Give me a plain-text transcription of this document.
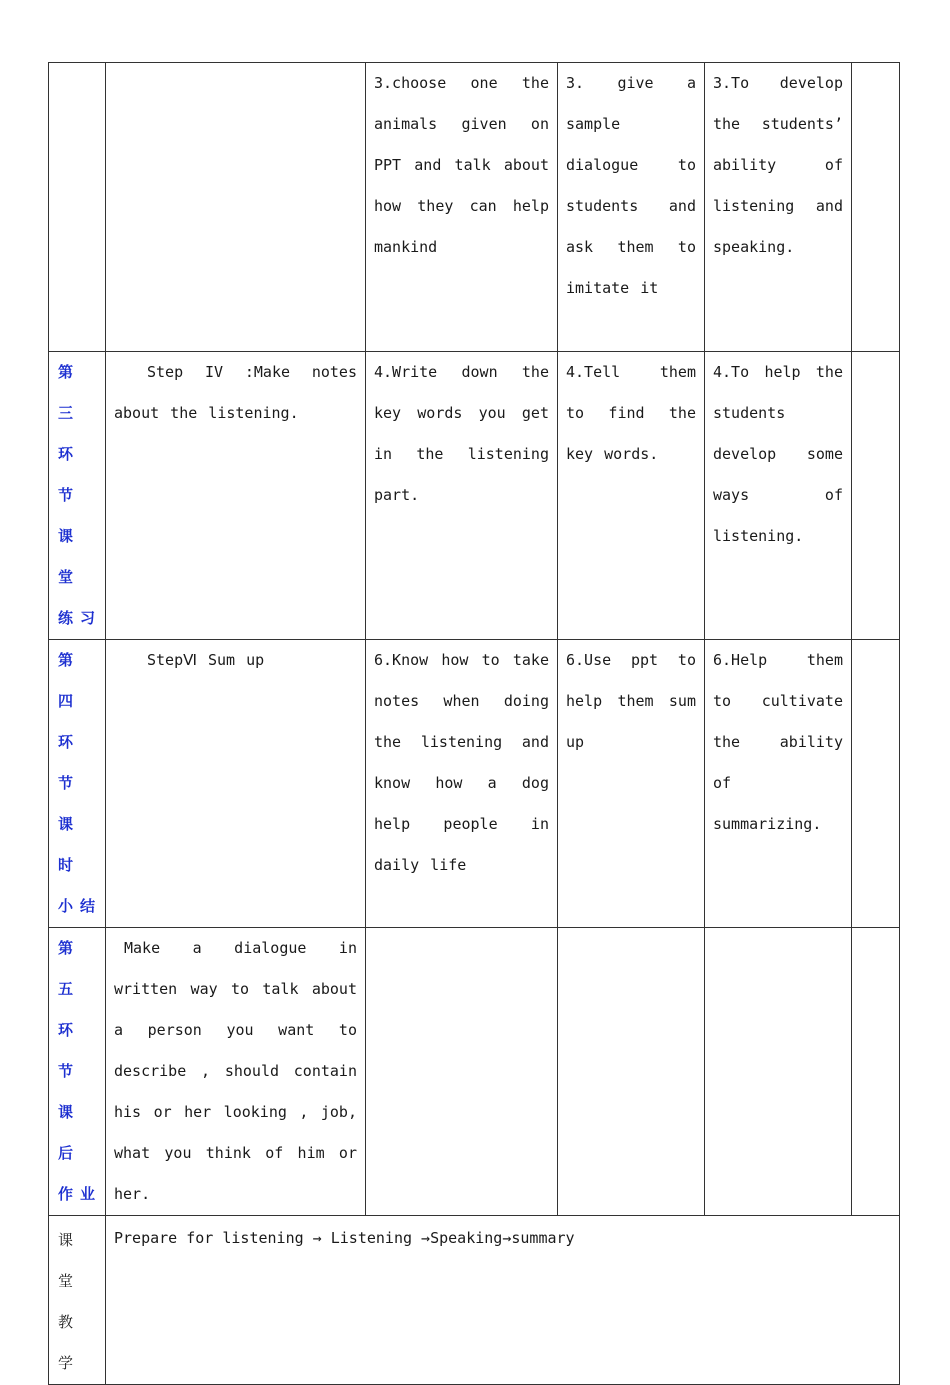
		3.choose one the animals given on PPT and talk about how they can help mankind	3. give a sample dialogue to students and ask them to imitate it	3.To develop the students’ ability of listening and speaking.	

第 三
环 节
课 堂
练习	Step IV :Make notes about the listening.	4.Write down the key words you get in the listening part.	4.Tell them to find the key words.	4.To help the students develop some ways of listening.	

第 四
环 节
课 时
小结	StepⅥ Sum up	6.Know how to take notes when doing the listening and know how a dog help people in daily life	6.Use ppt to help them sum up	6.Help them to cultivate the ability of summarizing.	

第 五
环 节
课 后
作业	Make a dialogue in written way to talk about a person you want to describe , should contain his or her looking , job, what you think of him or her.				

课
堂
教
学	Prepare for listening → Listening →Speaking→summary				
